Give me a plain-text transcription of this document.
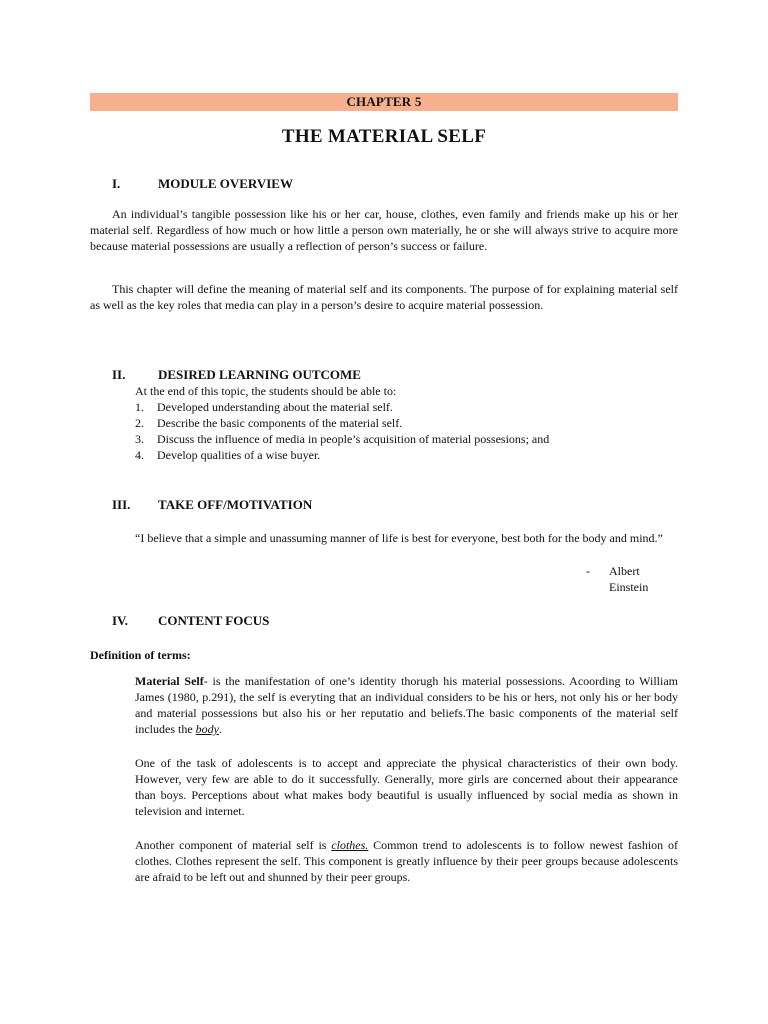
CHAPTER 5
THE MATERIAL SELF
I.	MODULE OVERVIEW
An individual’s tangible possession like his or her car, house, clothes, even family and friends make up his or her material self. Regardless of how much or how little a person own materially, he or she will always strive to acquire more because material possessions are usually a reflection of person’s success or failure.
This chapter will define the meaning of material self and its components. The purpose of for explaining material self as well as the key roles that media can play in a person’s desire to acquire material possession.
II.	DESIRED LEARNING OUTCOME
At the end of this topic, the students should be able to:
1. Developed understanding about the material self.
2. Describe the basic components of the material self.
3. Discuss the influence of media in people’s acquisition of material possesions; and
4. Develop qualities of a wise buyer.
III. TAKE OFF/MOTIVATION
“I believe that a simple and unassuming manner of life is best for everyone, best both for the body and mind.”
- Albert Einstein
IV. CONTENT FOCUS
Definition of terms:
Material Self- is the manifestation of one’s identity thorugh his material possessions. Acoording to William James (1980, p.291), the self is everyting that an individual considers to be his or hers, not only his or her body and material possessions but also his or her reputatio and beliefs.The basic components of the material self includes the body.
One of the task of adolescents is to accept and appreciate the physical characteristics of their own body. However, very few are able to do it successfully. Generally, more girls are concerned about their appearance than boys. Perceptions about what makes body beautiful is usually influenced by social media as shown in television and internet.
Another component of material self is clothes. Common trend to adolescents is to follow newest fashion of clothes. Clothes represent the self. This component is greatly influence by their peer groups because adolescents are afraid to be left out and shunned by their peer groups.
